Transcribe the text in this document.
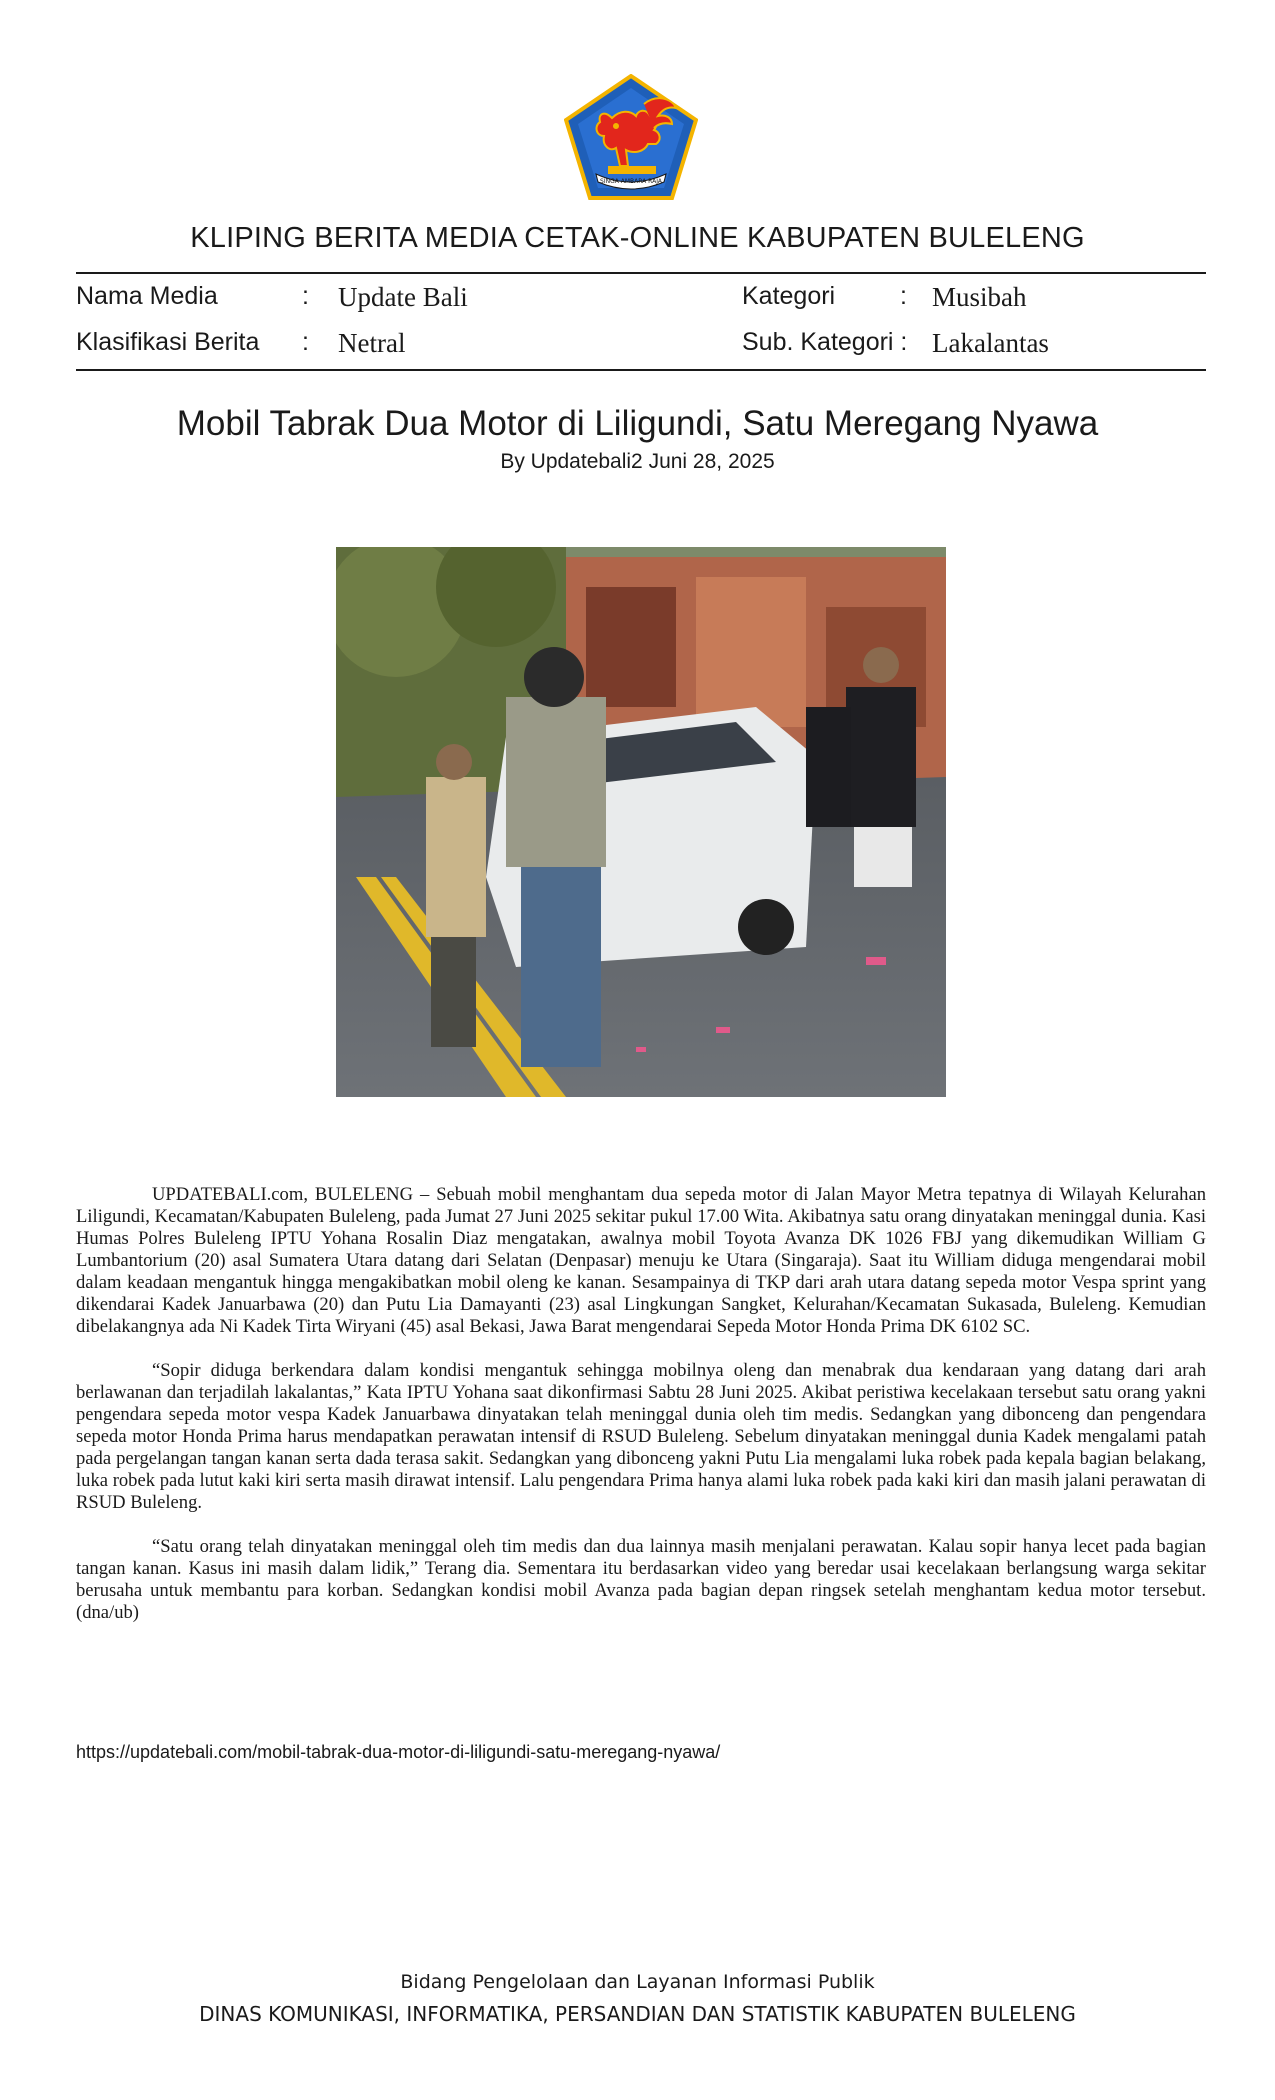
SINGA AMBARA RAJA
KLIPING BERITA MEDIA CETAK-ONLINE KABUPATEN BULELENG
Nama Media	: Update Bali	Kategori	: Musibah
Klasifikasi Berita : Netral	Sub. Kategori : Lakalantas
Mobil Tabrak Dua Motor di Liligundi, Satu Meregang Nyawa
By Updatebali2 Juni 28, 2025

UPDATEBALI.com, BULELENG – Sebuah mobil menghantam dua sepeda motor di Jalan Mayor Metra tepatnya di Wilayah Kelurahan Liligundi, Kecamatan/Kabupaten Buleleng, pada Jumat 27 Juni 2025 sekitar pukul 17.00 Wita. Akibatnya satu orang dinyatakan meninggal dunia. Kasi Humas Polres Buleleng IPTU Yohana Rosalin Diaz mengatakan, awalnya mobil Toyota Avanza DK 1026 FBJ yang dikemudikan William G Lumbantorium (20) asal Sumatera Utara datang dari Selatan (Denpasar) menuju ke Utara (Singaraja). Saat itu William diduga mengendarai mobil dalam keadaan mengantuk hingga mengakibatkan mobil oleng ke kanan. Sesampainya di TKP dari arah utara datang sepeda motor Vespa sprint yang dikendarai Kadek Januarbawa (20) dan Putu Lia Damayanti (23) asal Lingkungan Sangket, Kelurahan/Kecamatan Sukasada, Buleleng. Kemudian dibelakangnya ada Ni Kadek Tirta Wiryani (45) asal Bekasi, Jawa Barat mengendarai Sepeda Motor Honda Prima DK 6102 SC.

“Sopir diduga berkendara dalam kondisi mengantuk sehingga mobilnya oleng dan menabrak dua kendaraan yang datang dari arah berlawanan dan terjadilah lakalantas,” Kata IPTU Yohana saat dikonfirmasi Sabtu 28 Juni 2025. Akibat peristiwa kecelakaan tersebut satu orang yakni pengendara sepeda motor vespa Kadek Januarbawa dinyatakan telah meninggal dunia oleh tim medis. Sedangkan yang dibonceng dan pengendara sepeda motor Honda Prima harus mendapatkan perawatan intensif di RSUD Buleleng. Sebelum dinyatakan meninggal dunia Kadek mengalami patah pada pergelangan tangan kanan serta dada terasa sakit. Sedangkan yang dibonceng yakni Putu Lia mengalami luka robek pada kepala bagian belakang, luka robek pada lutut kaki kiri serta masih dirawat intensif. Lalu pengendara Prima hanya alami luka robek pada kaki kiri dan masih jalani perawatan di RSUD Buleleng.

“Satu orang telah dinyatakan meninggal oleh tim medis dan dua lainnya masih menjalani perawatan. Kalau sopir hanya lecet pada bagian tangan kanan. Kasus ini masih dalam lidik,” Terang dia. Sementara itu berdasarkan video yang beredar usai kecelakaan berlangsung warga sekitar berusaha untuk membantu para korban. Sedangkan kondisi mobil Avanza pada bagian depan ringsek setelah menghantam kedua motor tersebut.(dna/ub)

https://updatebali.com/mobil-tabrak-dua-motor-di-liligundi-satu-meregang-nyawa/
Bidang Pengelolaan dan Layanan Informasi Publik
DINAS KOMUNIKASI, INFORMATIKA, PERSANDIAN DAN STATISTIK KABUPATEN BULELENG
